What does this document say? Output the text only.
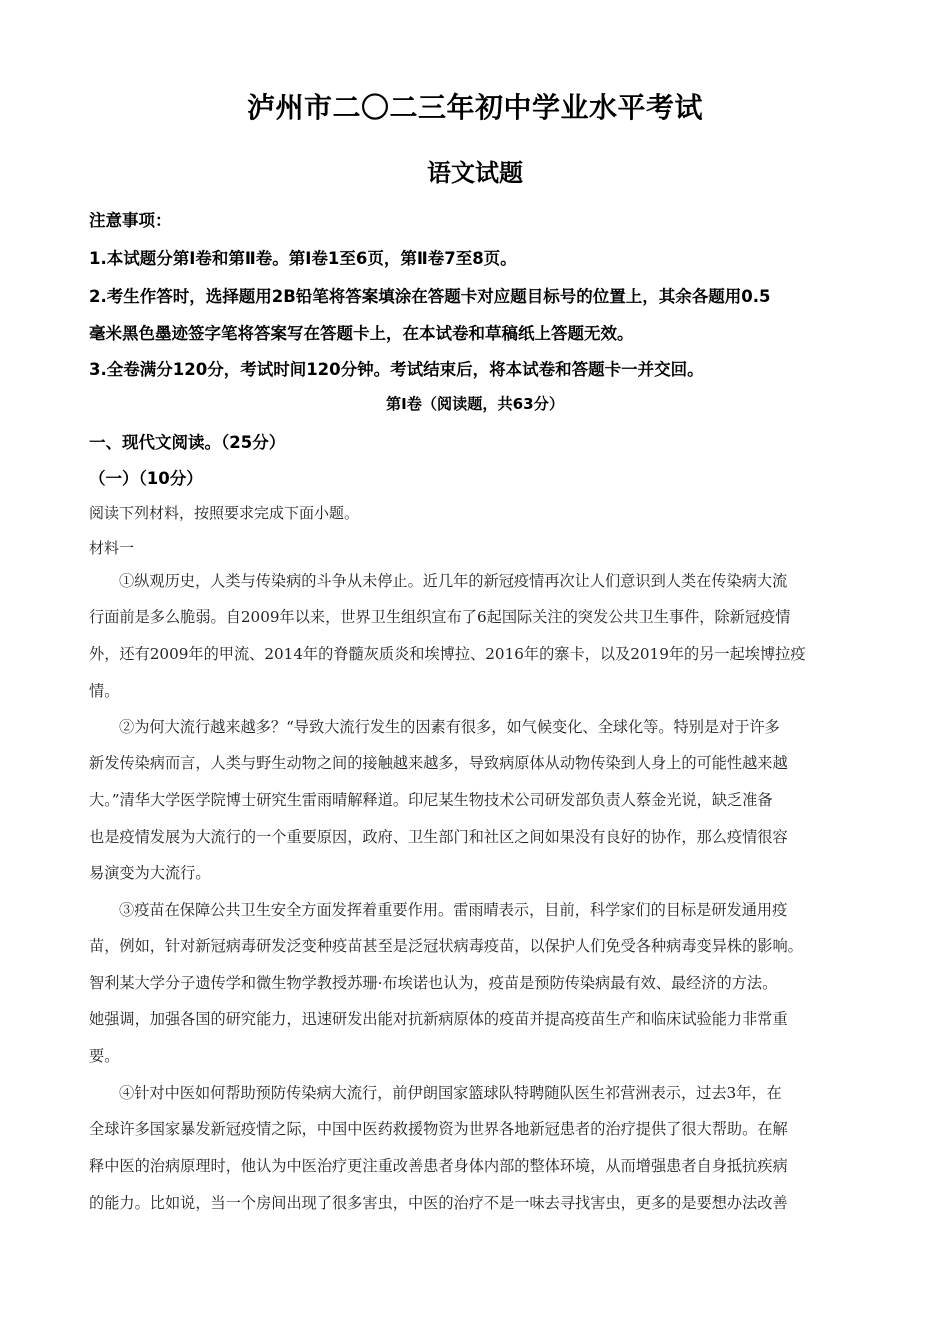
泸州市二〇二三年初中学业水平考试
语文试题
注意事项：
1.本试题分第Ⅰ卷和第Ⅱ卷。第Ⅰ卷1至6页，第Ⅱ卷7至8页。
2.考生作答时，选择题用2B铅笔将答案填涂在答题卡对应题目标号的位置上，其余各题用0.5
毫米黑色墨迹签字笔将答案写在答题卡上，在本试卷和草稿纸上答题无效。
3.全卷满分120分，考试时间120分钟。考试结束后，将本试卷和答题卡一并交回。
第Ⅰ卷（阅读题，共63分）
一、现代文阅读。（25分）
（一）（10分）
阅读下列材料，按照要求完成下面小题。
材料一
①纵观历史，人类与传染病的斗争从未停止。近几年的新冠疫情再次让人们意识到人类在传染病大流
行面前是多么脆弱。自2009年以来，世界卫生组织宣布了6起国际关注的突发公共卫生事件，除新冠疫情
外，还有2009年的甲流、2014年的脊髓灰质炎和埃博拉、2016年的寨卡，以及2019年的另一起埃博拉疫
情。
②为何大流行越来越多？“导致大流行发生的因素有很多，如气候变化、全球化等。特别是对于许多
新发传染病而言，人类与野生动物之间的接触越来越多，导致病原体从动物传染到人身上的可能性越来越
大。”清华大学医学院博士研究生雷雨晴解释道。印尼某生物技术公司研发部负责人蔡金光说，缺乏准备
也是疫情发展为大流行的一个重要原因，政府、卫生部门和社区之间如果没有良好的协作，那么疫情很容
易演变为大流行。
③疫苗在保障公共卫生安全方面发挥着重要作用。雷雨晴表示，目前，科学家们的目标是研发通用疫
苗，例如，针对新冠病毒研发泛变种疫苗甚至是泛冠状病毒疫苗，以保护人们免受各种病毒变异株的影响。
智利某大学分子遗传学和微生物学教授苏珊·布埃诺也认为，疫苗是预防传染病最有效、最经济的方法。
她强调，加强各国的研究能力，迅速研发出能对抗新病原体的疫苗并提高疫苗生产和临床试验能力非常重
要。
④针对中医如何帮助预防传染病大流行，前伊朗国家篮球队特聘随队医生祁营洲表示，过去3年，在
全球许多国家暴发新冠疫情之际，中国中医药救援物资为世界各地新冠患者的治疗提供了很大帮助。在解
释中医的治病原理时，他认为中医治疗更注重改善患者身体内部的整体环境，从而增强患者自身抵抗疾病
的能力。比如说，当一个房间出现了很多害虫，中医的治疗不是一味去寻找害虫，更多的是要想办法改善
